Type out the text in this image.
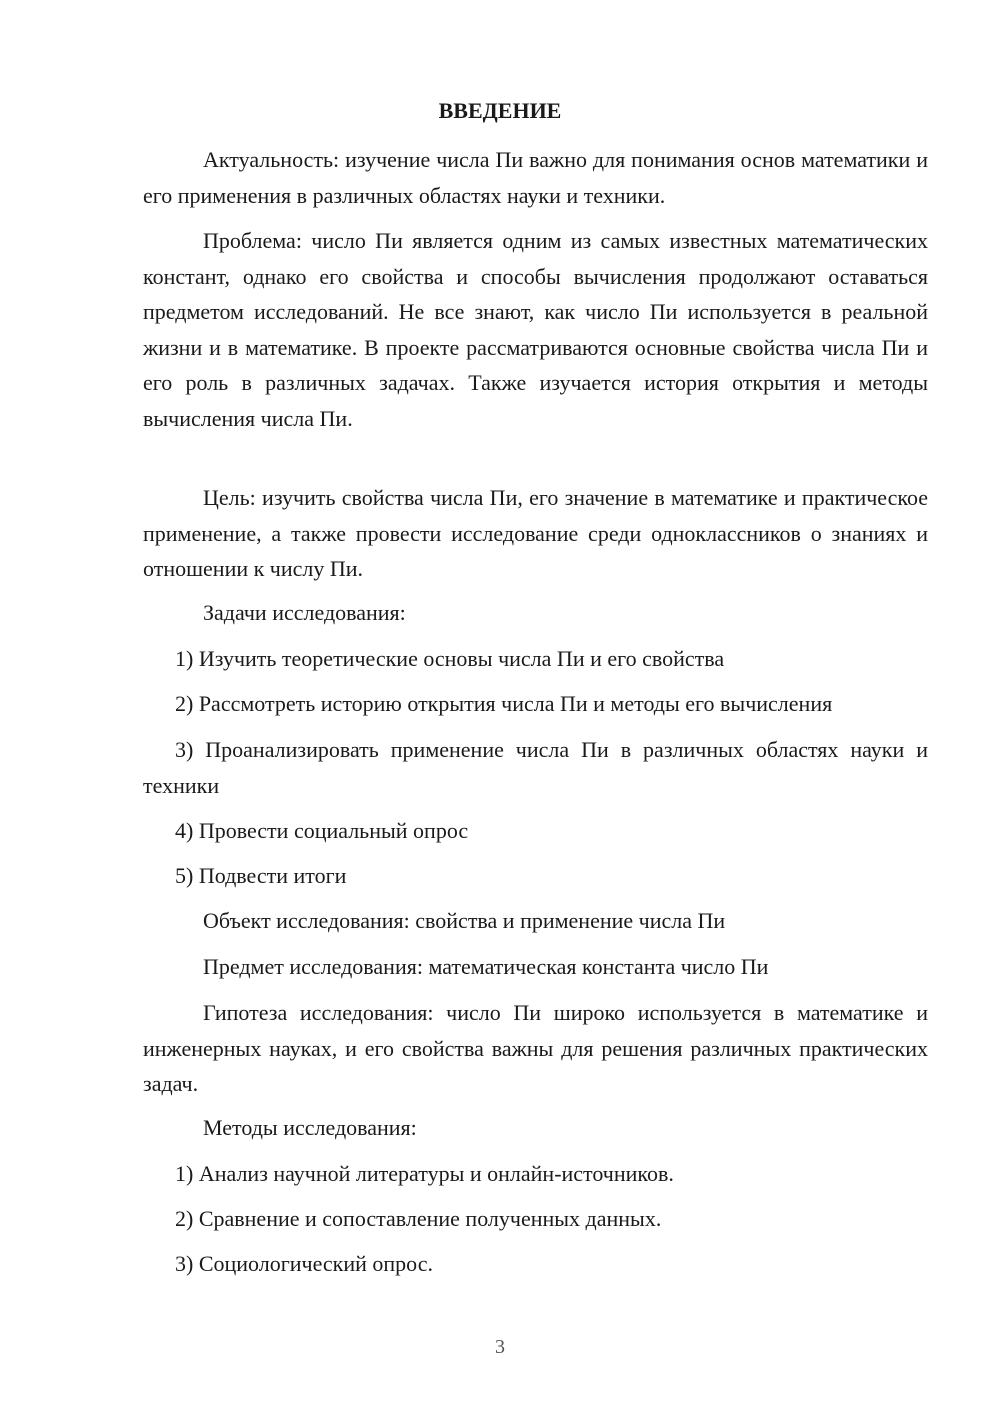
ВВЕДЕНИЕ

Актуальность: изучение числа Пи важно для понимания основ математики и его применения в различных областях науки и техники.

Проблема: число Пи является одним из самых известных математических констант, однако его свойства и способы вычисления продолжают оставаться предметом исследований. Не все знают, как число Пи используется в реальной жизни и в математике. В проекте рассматриваются основные свойства числа Пи и его роль в различных задачах. Также изучается история открытия и методы вычисления числа Пи.

Цель: изучить свойства числа Пи, его значение в математике и практическое применение, а также провести исследование среди одноклассников о знаниях и отношении к числу Пи.

Задачи исследования:
1) Изучить теоретические основы числа Пи и его свойства
2) Рассмотреть историю открытия числа Пи и методы его вычисления

3) Проанализировать применение числа Пи в различных областях науки и техники

4) Провести социальный опрос
5) Подвести итоги
Объект исследования: свойства и применение числа Пи
Предмет исследования: математическая константа число Пи

Гипотеза исследования: число Пи широко используется в математике и инженерных науках, и его свойства важны для решения различных практических задач.

Методы исследования:
1) Анализ научной литературы и онлайн-источников.
2) Сравнение и сопоставление полученных данных.
3) Социологический опрос.
3
